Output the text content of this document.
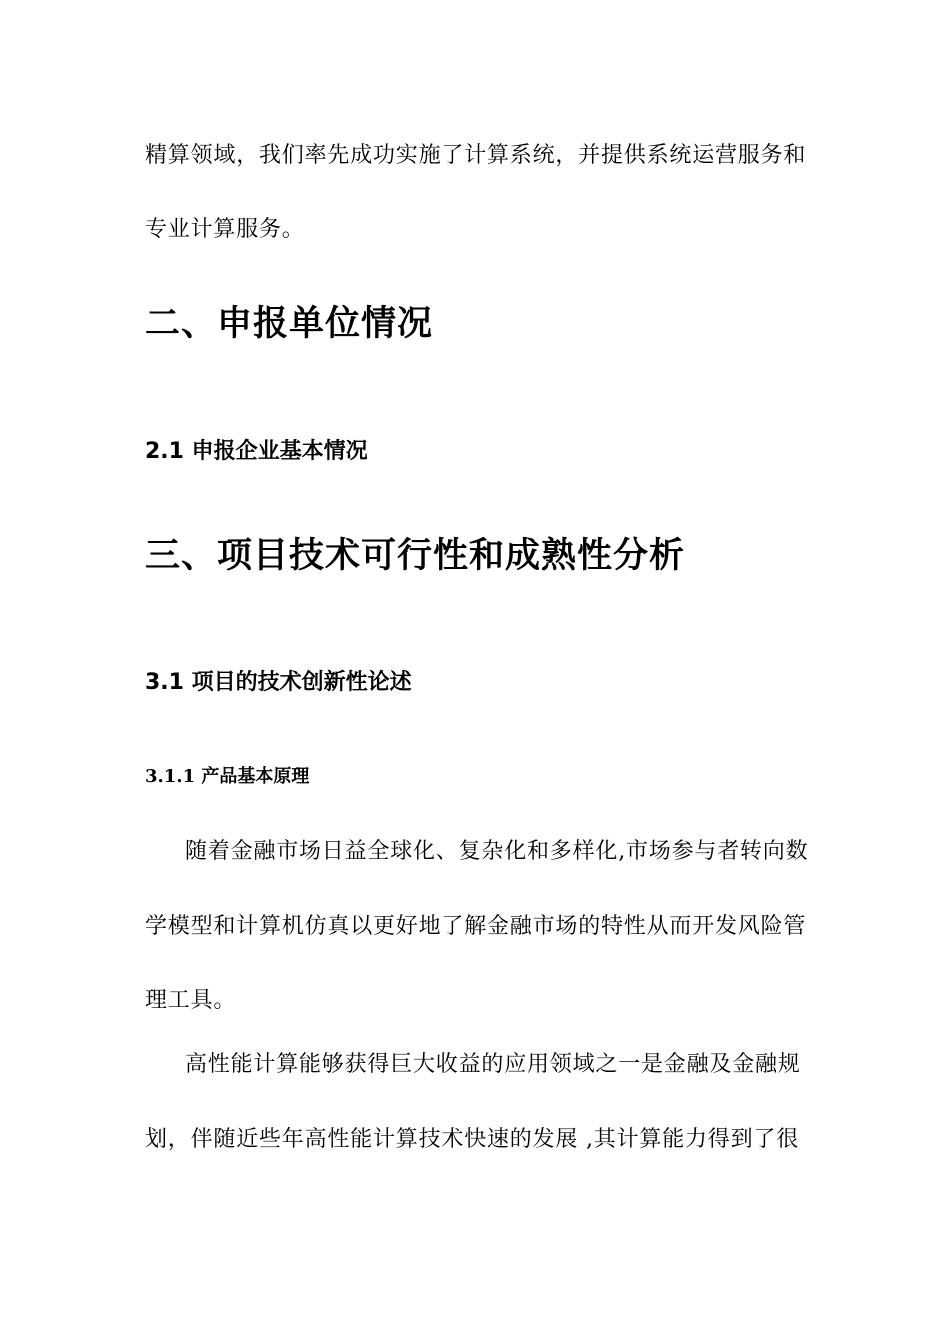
精算领域，我们率先成功实施了计算系统，并提供系统运营服务和
专业计算服务。
二、申报单位情况
2.1 申报企业基本情况
三、项目技术可行性和成熟性分析
3.1 项目的技术创新性论述
3.1.1 产品基本原理
随着金融市场日益全球化、复杂化和多样化,市场参与者转向数
学模型和计算机仿真以更好地了解金融市场的特性从而开发风险管
理工具。
高性能计算能够获得巨大收益的应用领域之一是金融及金融规
划，伴随近些年高性能计算技术快速的发展 ,其计算能力得到了很
